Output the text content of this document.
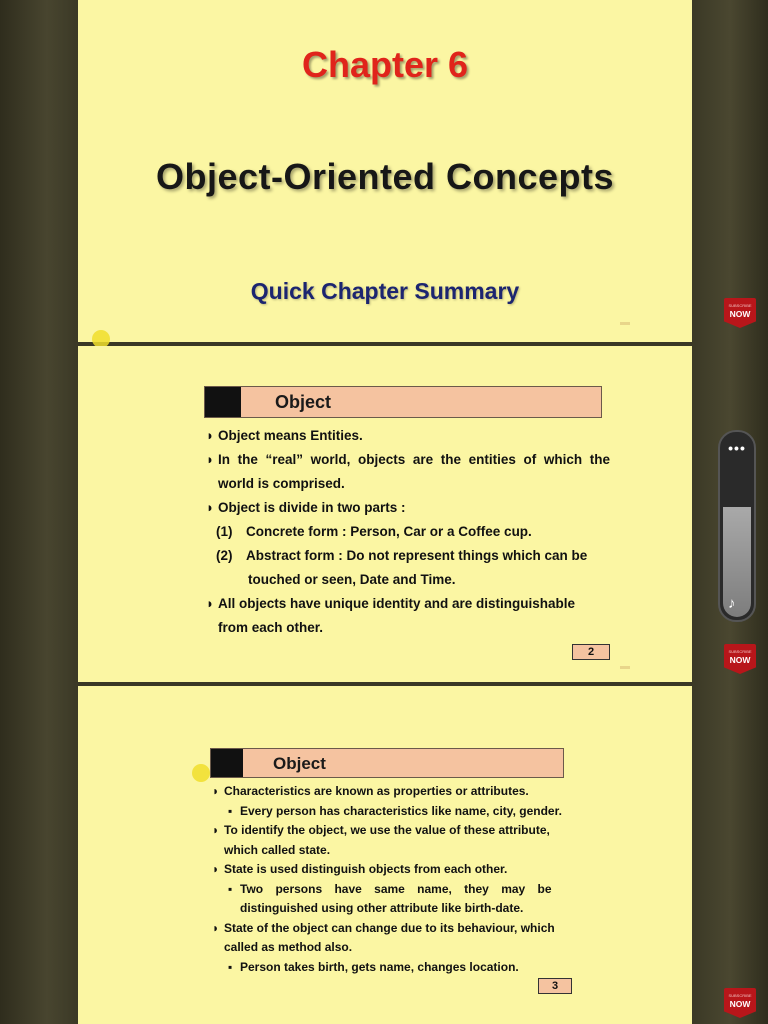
Chapter 6
Object-Oriented Concepts
Quick Chapter Summary
Object
◗ Object means Entities.
◗ In the “real” world, objects are the entities of which the world is comprised.
◗ Object is divide in two parts :
(1) Concrete form : Person, Car or a Coffee cup.
(2) Abstract form : Do not represent things which can be
touched or seen, Date and Time.
◗ All objects have unique identity and are distinguishable
from each other.
2
Object
◗ Characteristics are known as properties or attributes.
▪ Every person has characteristics like name, city, gender.
◗ To identify the object, we use the value of these attribute,
which called state.
◗ State is used distinguish objects from each other.
▪ Two persons have same name, they may be
distinguished using other attribute like birth-date.
◗ State of the object can change due to its behaviour, which
called as method also.
▪ Person takes birth, gets name, changes location.
3
SUBSCRIBE
NOW
SUBSCRIBE
NOW
SUBSCRIBE
NOW
•••
♪
